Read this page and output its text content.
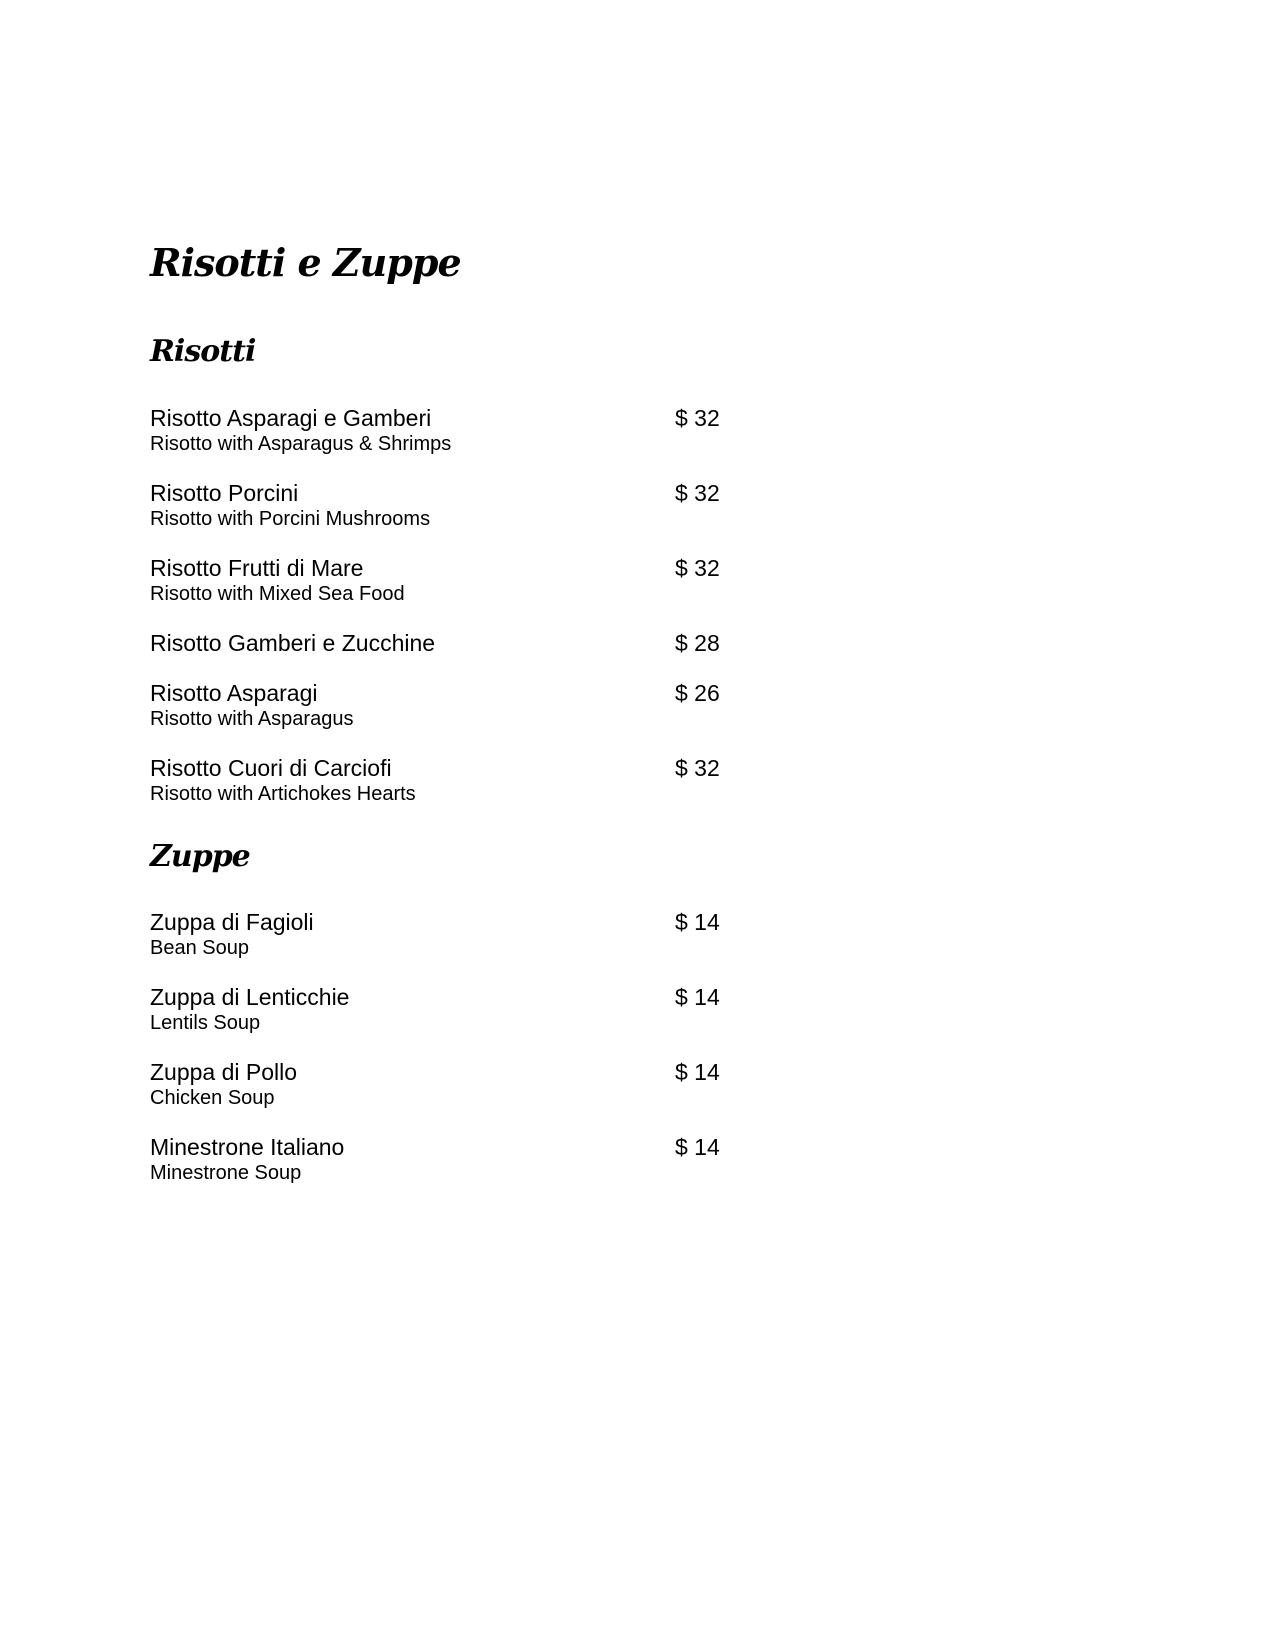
Risotti e Zuppe
Risotti
Risotto Asparagi e Gamberi
Risotto with Asparagus & Shrimps
$ 32
Risotto Porcini
Risotto with Porcini Mushrooms
$ 32
Risotto Frutti di Mare
Risotto with Mixed Sea Food
$ 32
Risotto Gamberi e Zucchine	$ 28
Risotto Asparagi
Risotto with Asparagus
$ 26
Risotto Cuori di Carciofi
Risotto with Artichokes Hearts
$ 32
Zuppe
Zuppa di Fagioli
Bean Soup
$ 14
Zuppa di Lenticchie
Lentils Soup
$ 14
Zuppa di Pollo
Chicken Soup
$ 14
Minestrone Italiano
Minestrone Soup
$ 14
